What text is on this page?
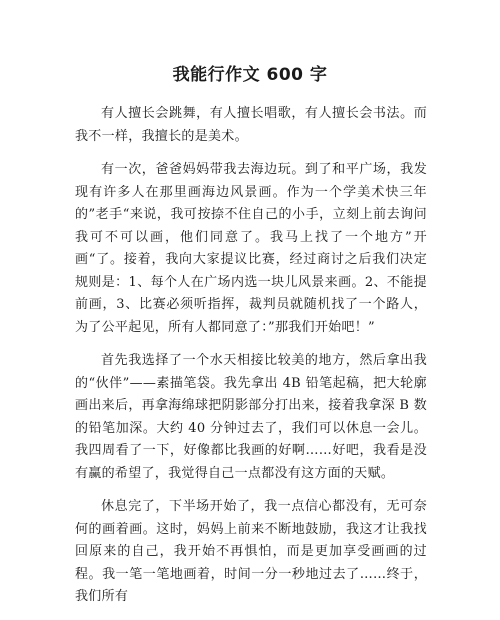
我能行作文 600 字

有人擅长会跳舞，有人擅长唱歌，有人擅长会书法。而我不一样，我擅长的是美术。

有一次，爸爸妈妈带我去海边玩。到了和平广场，我发现有许多人在那里画海边风景画。作为一个学美术快三年的”老手“来说，我可按捺不住自己的小手，立刻上前去询问我可不可以画，他们同意了。我马上找了一个地方”开画“了。接着，我向大家提议比赛，经过商讨之后我们决定规则是：1、每个人在广场内选一块儿风景来画。2、不能提前画，3、比赛必须听指挥，裁判员就随机找了一个路人，为了公平起见，所有人都同意了：”那我们开始吧！”

首先我选择了一个水天相接比较美的地方，然后拿出我的“伙伴”——素描笔袋。我先拿出 4B 铅笔起稿，把大轮廓画出来后，再拿海绵球把阴影部分打出来，接着我拿深 B 数的铅笔加深。大约 40 分钟过去了，我们可以休息一会儿。我四周看了一下，好像都比我画的好啊……好吧，我看是没有赢的希望了，我觉得自己一点都没有这方面的天赋。

休息完了，下半场开始了，我一点信心都没有，无可奈何的画着画。这时，妈妈上前来不断地鼓励，我这才让我找回原来的自己，我开始不再惧怕，而是更加享受画画的过程。我一笔一笔地画着，时间一分一秒地过去了……终于，我们所有
